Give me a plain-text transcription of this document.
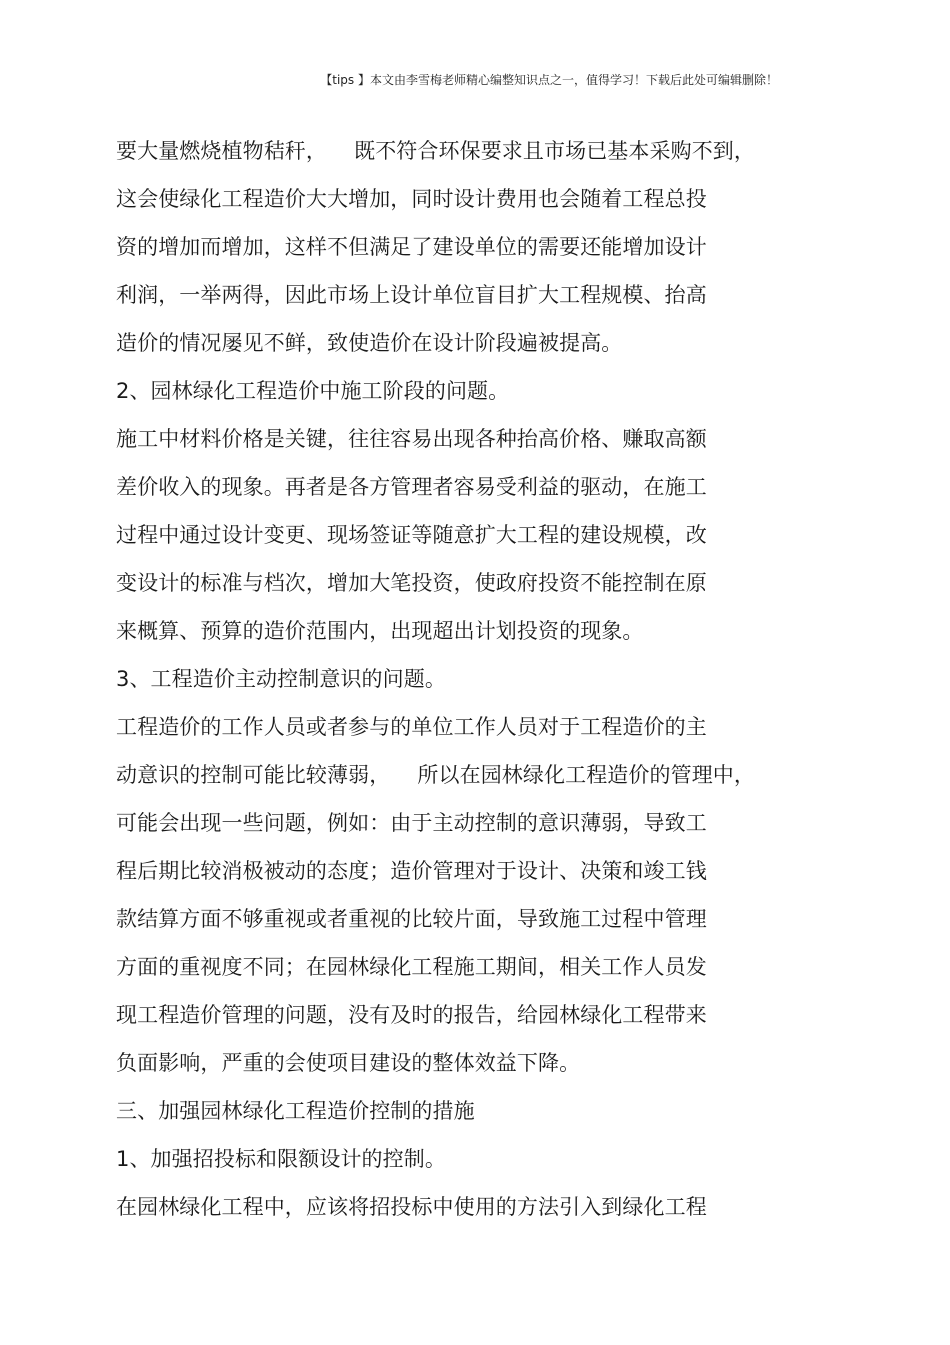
【tips 】本文由李雪梅老师精心编整知识点之一，值得学习！下载后此处可编辑删除！
要大量燃烧植物秸秆，    既不符合环保要求且市场已基本采购不到，
这会使绿化工程造价大大增加，同时设计费用也会随着工程总投
资的增加而增加，这样不但满足了建设单位的需要还能增加设计
利润，一举两得，因此市场上设计单位盲目扩大工程规模、抬高
造价的情况屡见不鲜，致使造价在设计阶段遍被提高。
2、园林绿化工程造价中施工阶段的问题。
施工中材料价格是关键，往往容易出现各种抬高价格、赚取高额
差价收入的现象。再者是各方管理者容易受利益的驱动，在施工
过程中通过设计变更、现场签证等随意扩大工程的建设规模，改
变设计的标准与档次，增加大笔投资，使政府投资不能控制在原
来概算、预算的造价范围内，出现超出计划投资的现象。
3、工程造价主动控制意识的问题。
工程造价的工作人员或者参与的单位工作人员对于工程造价的主
动意识的控制可能比较薄弱，    所以在园林绿化工程造价的管理中，
可能会出现一些问题，例如：由于主动控制的意识薄弱，导致工
程后期比较消极被动的态度；造价管理对于设计、决策和竣工钱
款结算方面不够重视或者重视的比较片面，导致施工过程中管理
方面的重视度不同；在园林绿化工程施工期间，相关工作人员发
现工程造价管理的问题，没有及时的报告，给园林绿化工程带来
负面影响，严重的会使项目建设的整体效益下降。
三、加强园林绿化工程造价控制的措施
1、加强招投标和限额设计的控制。
在园林绿化工程中，应该将招投标中使用的方法引入到绿化工程
